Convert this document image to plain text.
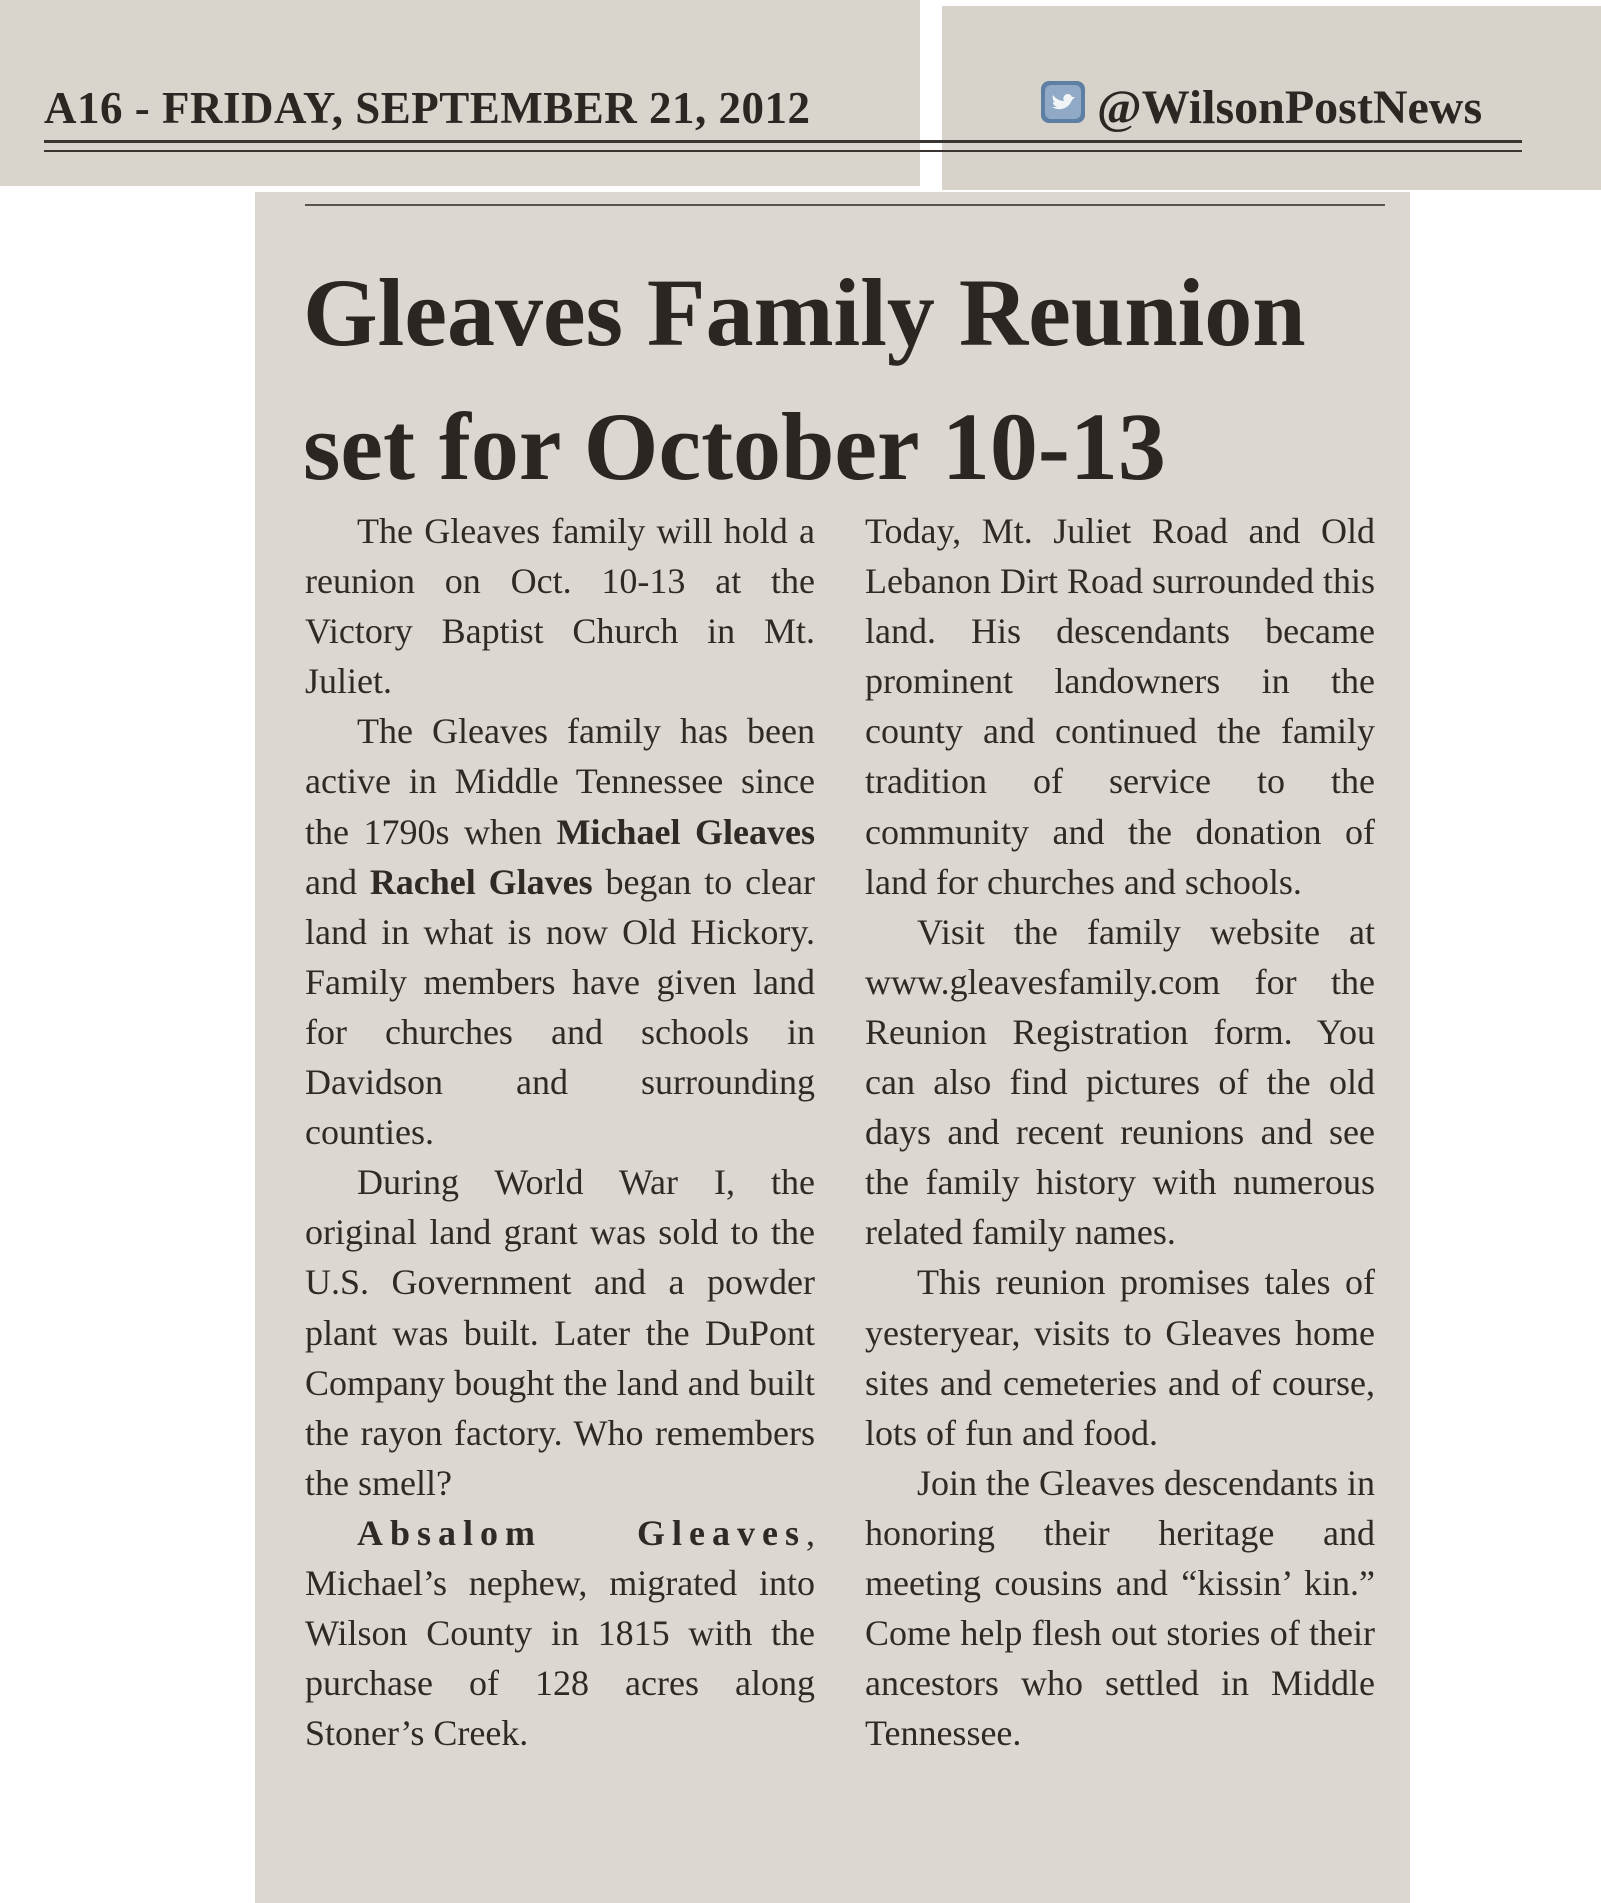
A16 - FRIDAY, SEPTEMBER 21, 2012	@WilsonPostNews
Gleaves Family Reunion
set for October 10-13

The Gleaves family will hold a reunion on Oct. 10-13 at the Victory Baptist Church in Mt. Juliet.

The Gleaves family has been active in Middle Tennessee since the 1790s when Michael Gleaves and Rachel Glaves began to clear land in what is now Old Hickory. Family members have given land for churches and schools in Davidson and surrounding counties.

During World War I, the original land grant was sold to the U.S. Government and a powder plant was built. Later the DuPont Company bought the land and built the rayon factory. Who remembers the smell?

Absalom Gleaves, Michael’s nephew, migrated into Wilson County in 1815 with the purchase of 128 acres along Stoner’s Creek.

Today, Mt. Juliet Road and Old Lebanon Dirt Road surrounded this land. His descendants became prominent landowners in the county and continued the family tradition of service to the community and the donation of land for churches and schools.

Visit the family website at www.gleavesfamily.com for the Reunion Registration form. You can also find pictures of the old days and recent reunions and see the family history with numerous related family names.

This reunion promises tales of yesteryear, visits to Gleaves home sites and cemeteries and of course, lots of fun and food.

Join the Gleaves descendants in honoring their heritage and meeting cousins and “kissin’ kin.” Come help flesh out stories of their ancestors who settled in Middle Tennessee.
